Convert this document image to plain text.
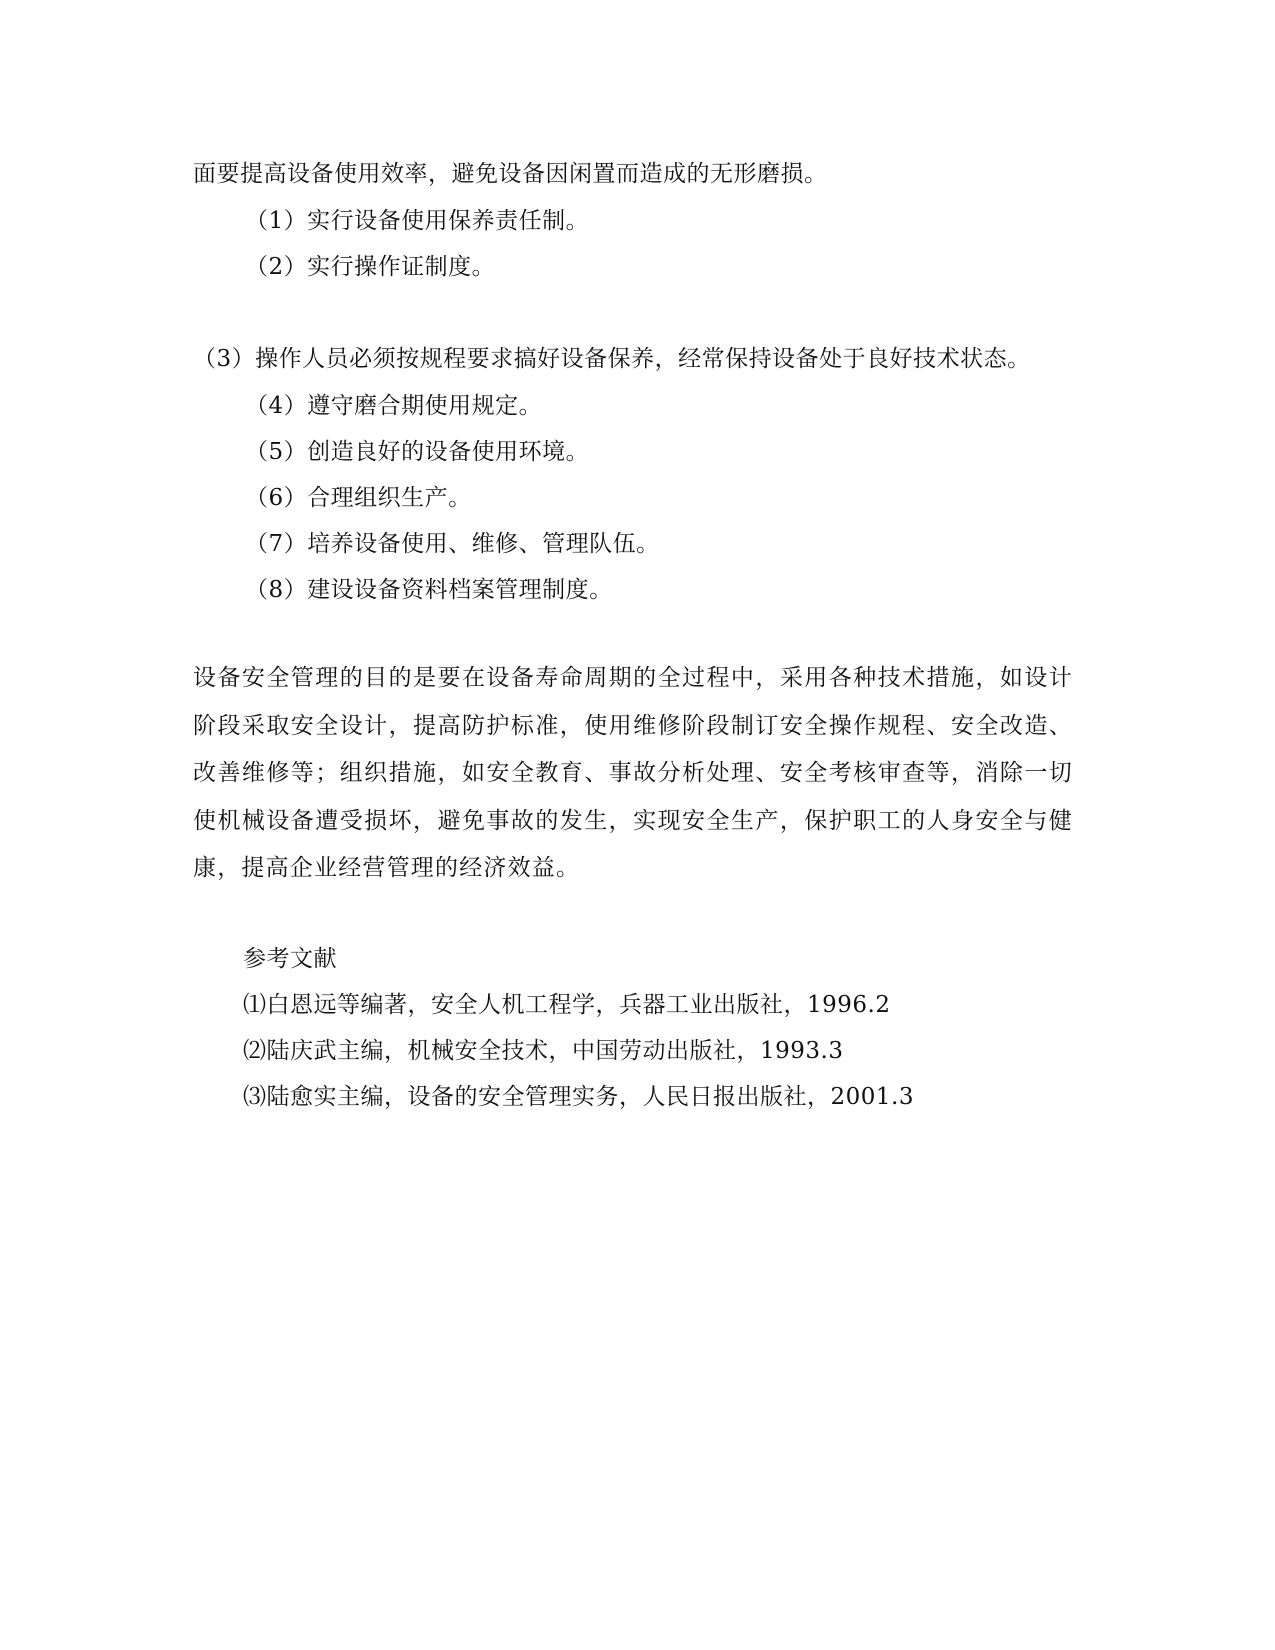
面要提高设备使用效率，避免设备因闲置而造成的无形磨损。
（1）实行设备使用保养责任制。
（2）实行操作证制度。
（3）操作人员必须按规程要求搞好设备保养，经常保持设备处于良好技术状态。
（4）遵守磨合期使用规定。
（5）创造良好的设备使用环境。
（6）合理组织生产。
（7）培养设备使用、维修、管理队伍。
（8）建设设备资料档案管理制度。
设备安全管理的目的是要在设备寿命周期的全过程中，采用各种技术措施，如设计阶段采取安全设计，提高防护标准，使用维修阶段制订安全操作规程、安全改造、改善维修等；组织措施，如安全教育、事故分析处理、安全考核审查等，消除一切使机械设备遭受损坏，避免事故的发生，实现安全生产，保护职工的人身安全与健康，提高企业经营管理的经济效益。
参考文献
⑴白恩远等编著，安全人机工程学，兵器工业出版社，1996.2
⑵陆庆武主编，机械安全技术，中国劳动出版社，1993.3
⑶陆愈实主编，设备的安全管理实务，人民日报出版社，2001.3
